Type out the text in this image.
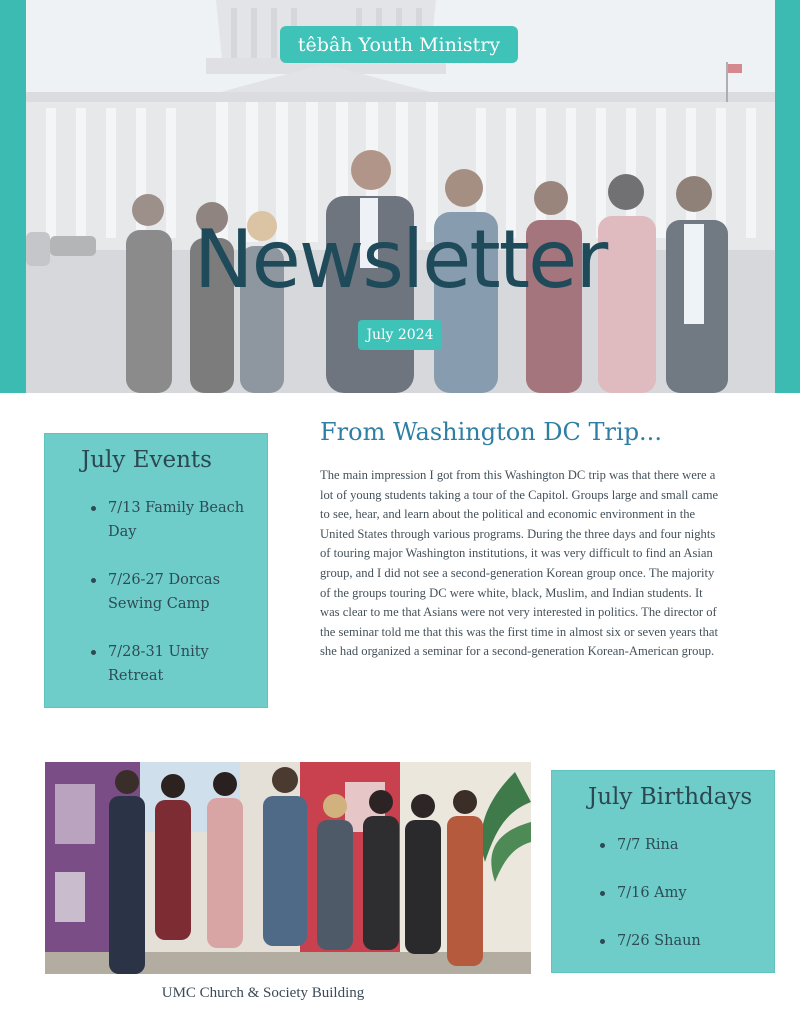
têbâh Youth Ministry
Newsletter
July 2024
July Events
7/13 Family Beach Day
7/26-27 Dorcas Sewing Camp
7/28-31 Unity Retreat
From Washington DC Trip...

The main impression I got from this Washington DC trip was that there were a lot of young students taking a tour of the Capitol. Groups large and small came to see, hear, and learn about the political and economic environment in the United States through various programs. During the three days and four nights of touring major Washington institutions, it was very difficult to find an Asian group, and I did not see a second-generation Korean group once. The majority of the groups touring DC were white, black, Muslim, and Indian students. It was clear to me that Asians were not very interested in politics. The director of the seminar told me that this was the first time in almost six or seven years that she had organized a seminar for a second-generation Korean-American group.

UMC Church & Society Building
July Birthdays
7/7 Rina
7/16 Amy
7/26 Shaun
